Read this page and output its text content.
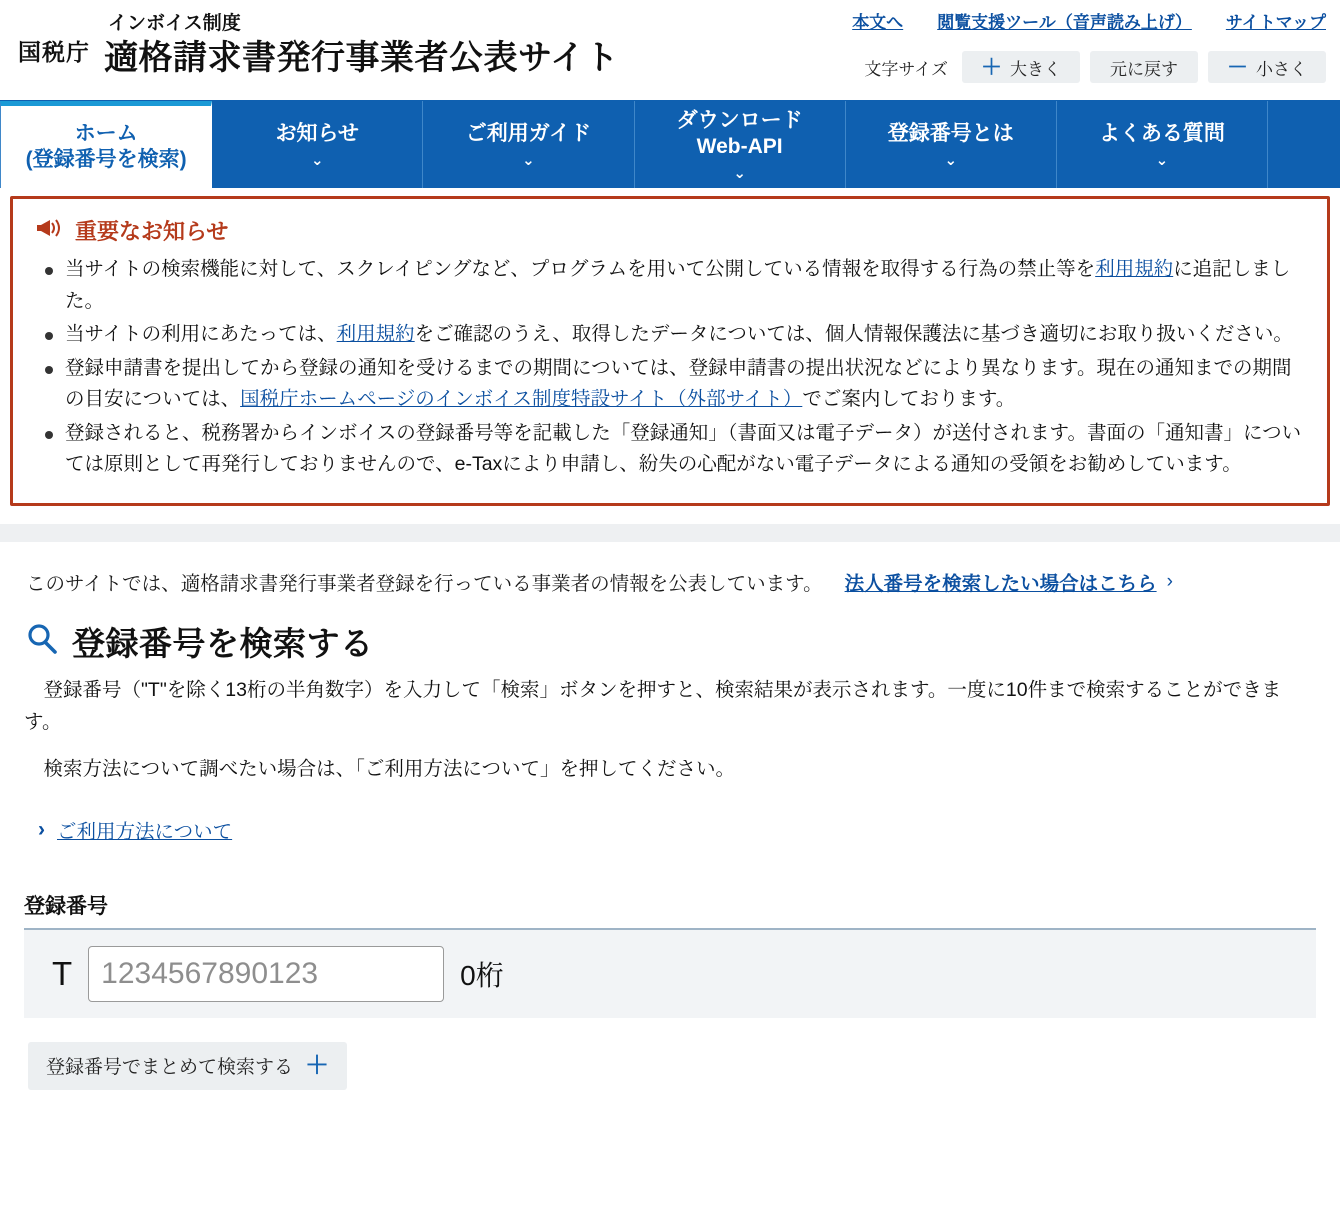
国税庁
インボイス制度
適格請求書発行事業者公表サイト
本文へ 閲覧支援ツール（音声読み上げ） サイトマップ
文字サイズ ＋ 大きく	元に戻す － 小さく
ホーム
(登録番号を検索)
お知らせ
⌄
ご利用ガイド
⌄
ダウンロード
Web-API
⌄
登録番号とは
⌄
よくある質問
⌄
重要なお知らせ
当サイトの検索機能に対して、スクレイピングなど、プログラムを用いて公開している情報を取得する行為の禁止等を利用規約に追記しました。
当サイトの利用にあたっては、利用規約をご確認のうえ、取得したデータについては、個人情報保護法に基づき適切にお取り扱いください。
登録申請書を提出してから登録の通知を受けるまでの期間については、登録申請書の提出状況などにより異なります。現在の通知までの期間の目安については、国税庁ホームページのインボイス制度特設サイト（外部サイト）でご案内しております。
登録されると、税務署からインボイスの登録番号等を記載した「登録通知」（書面又は電子データ）が送付されます。書面の「通知書」については原則として再発行しておりませんので、e-Taxにより申請し、紛失の心配がない電子データによる通知の受領をお勧めしています。
このサイトでは、適格請求書発行事業者登録を行っている事業者の情報を公表しています。 法人番号を検索したい場合はこちら ›
登録番号を検索する

登録番号（"T"を除く13桁の半角数字）を入力して「検索」ボタンを押すと、検索結果が表示されます。一度に10件まで検索することができます。

検索方法について調べたい場合は、「ご利用方法について」を押してください。

› ご利用方法について
登録番号
T
1234567890123	0桁
登録番号でまとめて検索する ＋
